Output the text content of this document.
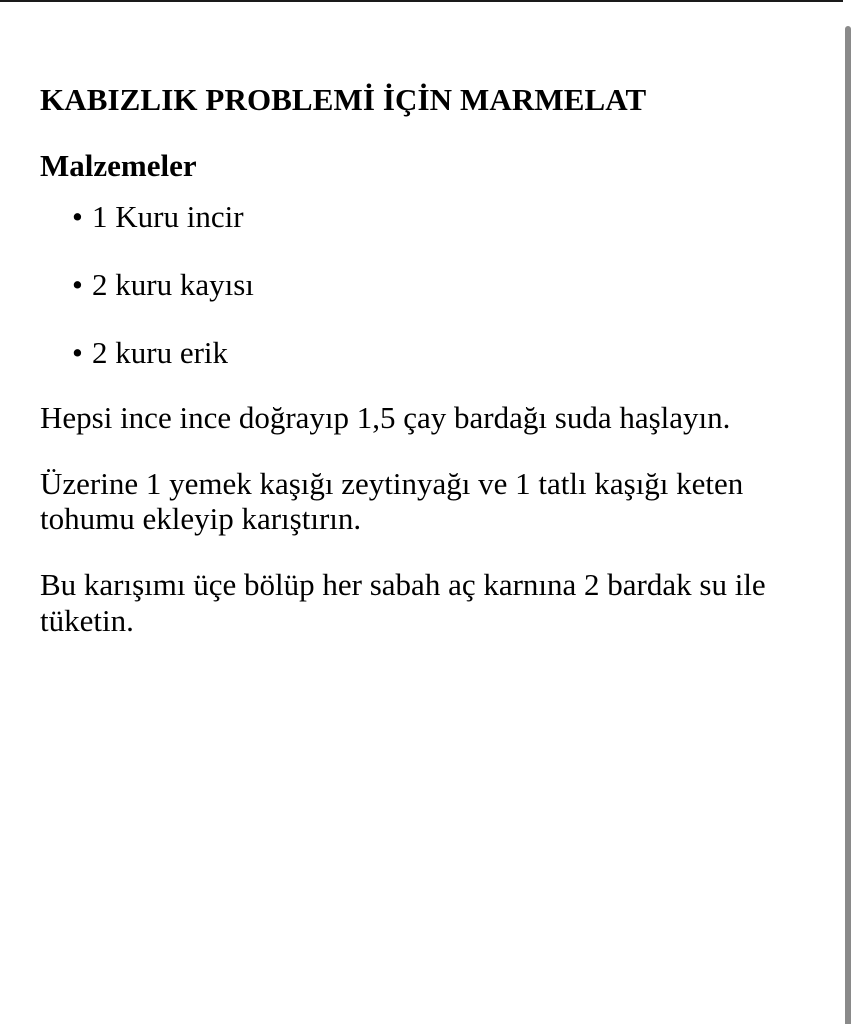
KABIZLIK PROBLEMİ İÇİN MARMELAT
Malzemeler
• 1 Kuru incir
• 2 kuru kayısı
• 2 kuru erik

Hepsi ince ince doğrayıp 1,5 çay bardağı suda haşlayın.

Üzerine 1 yemek kaşığı zeytinyağı ve 1 tatlı kaşığı keten tohumu ekleyip karıştırın.

Bu karışımı üçe bölüp her sabah aç karnına 2 bardak su ile tüketin.
